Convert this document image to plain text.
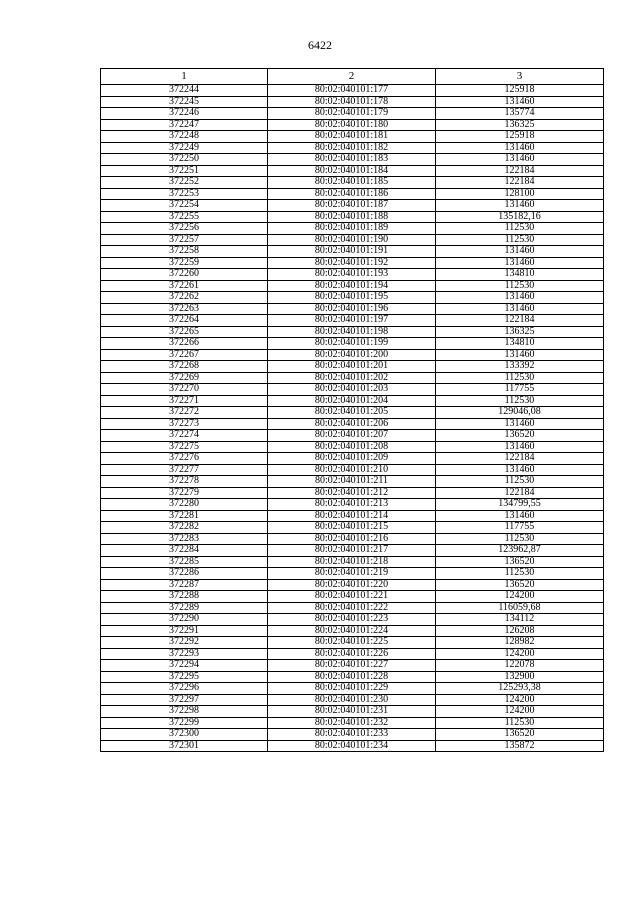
6422
1	2	3
372244	80:02:040101:177	125918
372245	80:02:040101:178	131460
372246	80:02:040101:179	135774
372247	80:02:040101:180	136325
372248	80:02:040101:181	125918
372249	80:02:040101:182	131460
372250	80:02:040101:183	131460
372251	80:02:040101:184	122184
372252	80:02:040101:185	122184
372253	80:02:040101:186	128100
372254	80:02:040101:187	131460
372255	80:02:040101:188	135182,16
372256	80:02:040101:189	112530
372257	80:02:040101:190	112530
372258	80:02:040101:191	131460
372259	80:02:040101:192	131460
372260	80:02:040101:193	134810
372261	80:02:040101:194	112530
372262	80:02:040101:195	131460
372263	80:02:040101:196	131460
372264	80:02:040101:197	122184
372265	80:02:040101:198	136325
372266	80:02:040101:199	134810
372267	80:02:040101:200	131460
372268	80:02:040101:201	133392
372269	80:02:040101:202	112530
372270	80:02:040101:203	117755
372271	80:02:040101:204	112530
372272	80:02:040101:205	129046,08
372273	80:02:040101:206	131460
372274	80:02:040101:207	136520
372275	80:02:040101:208	131460
372276	80:02:040101:209	122184
372277	80:02:040101:210	131460
372278	80:02:040101:211	112530
372279	80:02:040101:212	122184
372280	80:02:040101:213	134799,55
372281	80:02:040101:214	131460
372282	80:02:040101:215	117755
372283	80:02:040101:216	112530
372284	80:02:040101:217	123962,87
372285	80:02:040101:218	136520
372286	80:02:040101:219	112530
372287	80:02:040101:220	136520
372288	80:02:040101:221	124200
372289	80:02:040101:222	116059,68
372290	80:02:040101:223	134112
372291	80:02:040101:224	126208
372292	80:02:040101:225	128982
372293	80:02:040101:226	124200
372294	80:02:040101:227	122078
372295	80:02:040101:228	132900
372296	80:02:040101:229	125293,38
372297	80:02:040101:230	124200
372298	80:02:040101:231	124200
372299	80:02:040101:232	112530
372300	80:02:040101:233	136520
372301	80:02:040101:234	135872
